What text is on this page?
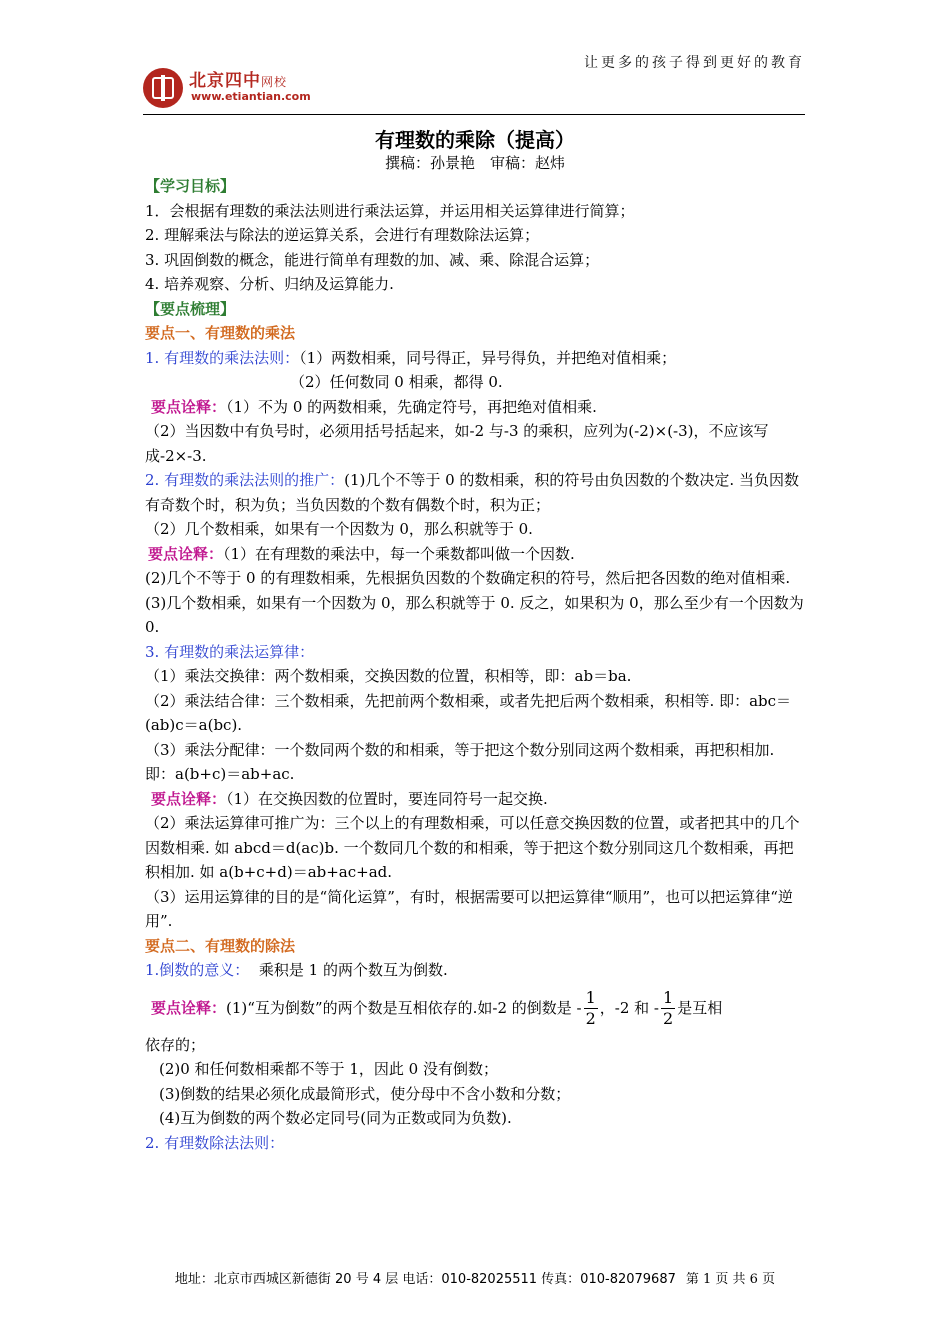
让更多的孩子得到更好的教育
北京四中网校
www.etiantian.com
有理数的乘除（提高）
撰稿：孙景艳　审稿：赵炜

【学习目标】

1．会根据有理数的乘法法则进行乘法运算，并运用相关运算律进行简算；

2. 理解乘法与除法的逆运算关系，会进行有理数除法运算；

3. 巩固倒数的概念，能进行简单有理数的加、减、乘、除混合运算；

4. 培养观察、分析、归纳及运算能力.

【要点梳理】

要点一、有理数的乘法

1. 有理数的乘法法则：（1）两数相乘，同号得正，异号得负，并把绝对值相乘；

（2）任何数同 0 相乘，都得 0.

要点诠释：（1）不为 0 的两数相乘，先确定符号，再把绝对值相乘.

（2）当因数中有负号时，必须用括号括起来，如-2 与-3 的乘积，应列为(-2)×(-3)，不应该写成-2×-3.

2. 有理数的乘法法则的推广：(1)几个不等于 0 的数相乘，积的符号由负因数的个数决定. 当负因数有奇数个时，积为负；当负因数的个数有偶数个时，积为正；

（2）几个数相乘，如果有一个因数为 0，那么积就等于 0.

要点诠释：（1）在有理数的乘法中，每一个乘数都叫做一个因数.

(2)几个不等于 0 的有理数相乘，先根据负因数的个数确定积的符号，然后把各因数的绝对值相乘.

(3)几个数相乘，如果有一个因数为 0，那么积就等于 0. 反之，如果积为 0，那么至少有一个因数为 0.

3. 有理数的乘法运算律：

（1）乘法交换律：两个数相乘，交换因数的位置，积相等，即：ab＝ba.

（2）乘法结合律：三个数相乘，先把前两个数相乘，或者先把后两个数相乘，积相等. 即：abc＝(ab)c＝a(bc).

（3）乘法分配律：一个数同两个数的和相乘，等于把这个数分别同这两个数相乘，再把积相加. 即：a(b+c)＝ab+ac.

要点诠释：（1）在交换因数的位置时，要连同符号一起交换.

（2）乘法运算律可推广为：三个以上的有理数相乘，可以任意交换因数的位置，或者把其中的几个因数相乘. 如 abcd＝d(ac)b. 一个数同几个数的和相乘，等于把这个数分别同这几个数相乘，再把积相加. 如 a(b+c+d)＝ab+ac+ad.

（3）运用运算律的目的是“简化运算”，有时，根据需要可以把运算律“顺用”，也可以把运算律“逆用”.

要点二、有理数的除法

1.倒数的意义： 乘积是 1 的两个数互为倒数.

要点诠释：(1)“互为倒数”的两个数是互相依存的.如-2 的倒数是 - $\frac{1}{2}$ ，-2 和 - $\frac{1}{2}$ 是互相

依存的；

(2)0 和任何数相乘都不等于 1，因此 0 没有倒数；

(3)倒数的结果必须化成最简形式，使分母中不含小数和分数；

(4)互为倒数的两个数必定同号(同为正数或同为负数).

2. 有理数除法法则：

地址：北京市西城区新德街 20 号 4 层 电话：010-82025511 传真：010-82079687 第 1 页 共 6 页
